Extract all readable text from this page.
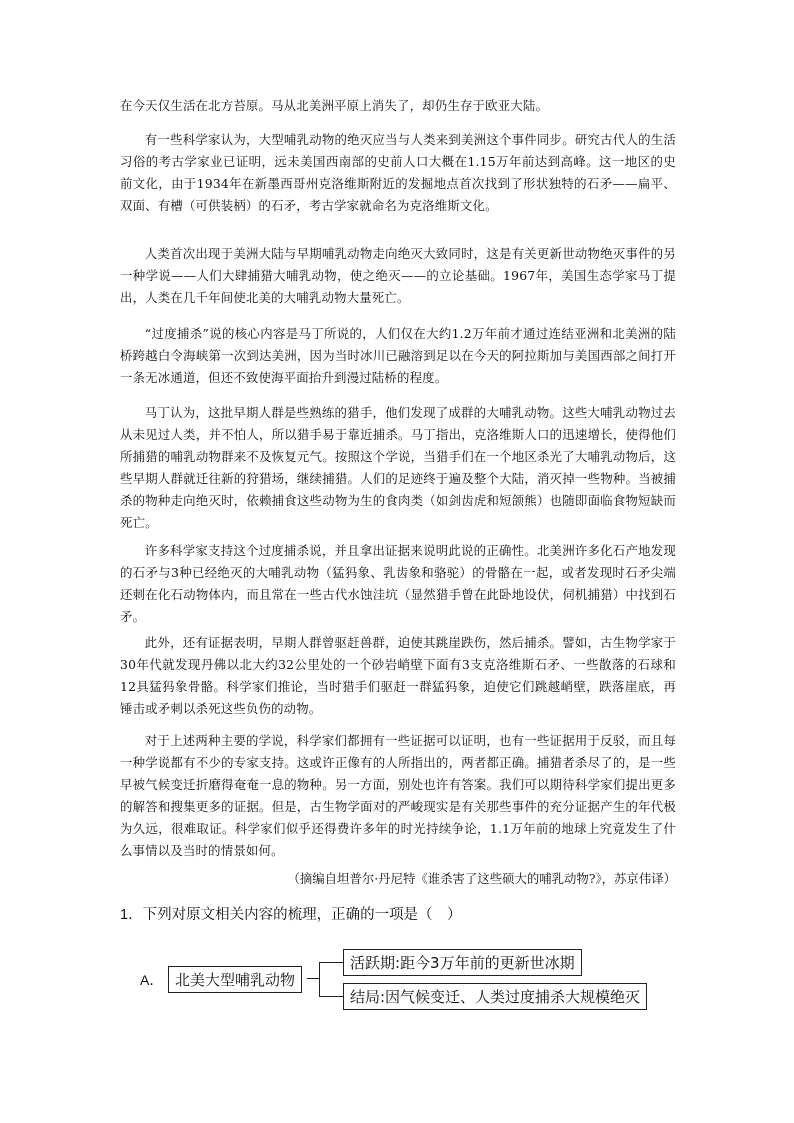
在今天仅生活在北方苔原。马从北美洲平原上消失了，却仍生存于欧亚大陆。

有一些科学家认为，大型哺乳动物的绝灭应当与人类来到美洲这个事件同步。研究古代人的生活习俗的考古学家业已证明，远未美国西南部的史前人口大概在1.15万年前达到高峰。这一地区的史前文化，由于1934年在新墨西哥州克洛维斯附近的发掘地点首次找到了形状独特的石矛——扁平、双面、有槽（可供装柄）的石矛，考古学家就命名为克洛维斯文化。

人类首次出现于美洲大陆与早期哺乳动物走向绝灭大致同时，这是有关更新世动物绝灭事件的另一种学说——人们大肆捕猎大哺乳动物，使之绝灭——的立论基础。1967年，美国生态学家马丁提出，人类在几千年间使北美的大哺乳动物大量死亡。

“过度捕杀”说的核心内容是马丁所说的，人们仅在大约1.2万年前才通过连结亚洲和北美洲的陆桥跨越白令海峡第一次到达美洲，因为当时冰川已融溶到足以在今天的阿拉斯加与美国西部之间打开一条无冰通道，但还不致使海平面抬升到漫过陆桥的程度。

马丁认为，这批早期人群是些熟练的猎手，他们发现了成群的大哺乳动物。这些大哺乳动物过去从未见过人类，并不怕人，所以猎手易于靠近捕杀。马丁指出，克洛维斯人口的迅速增长，使得他们所捕猎的哺乳动物群来不及恢复元气。按照这个学说，当猎手们在一个地区杀光了大哺乳动物后，这些早期人群就迁往新的狩猎场，继续捕猎。人们的足迹终于遍及整个大陆，消灭掉一些物种。当被捕杀的物种走向绝灭时，依赖捕食这些动物为生的食肉类（如剑齿虎和短颌熊）也随即面临食物短缺而死亡。

许多科学家支持这个过度捕杀说，并且拿出证据来说明此说的正确性。北美洲许多化石产地发现的石矛与3种已经绝灭的大哺乳动物（猛犸象、乳齿象和骆驼）的骨骼在一起，或者发现时石矛尖端还刺在化石动物体内，而且常在一些古代水蚀洼坑（显然猎手曾在此卧地设伏，伺机捕猎）中找到石矛。

此外，还有证据表明，早期人群曾驱赶兽群，迫使其跳崖跌伤，然后捕杀。譬如，古生物学家于30年代就发现丹佛以北大约32公里处的一个砂岩峭壁下面有3支克洛维斯石矛、一些散落的石球和12具猛犸象骨骼。科学家们推论，当时猎手们驱赶一群猛犸象，迫使它们跳越峭壁，跌落崖底，再锤击或矛刺以杀死这些负伤的动物。

对于上述两种主要的学说，科学家们都拥有一些证据可以证明，也有一些证据用于反驳，而且每一种学说都有不少的专家支持。这或许正像有的人所指出的，两者都正确。捕猎者杀尽了的，是一些早被气候变迁折磨得奄奄一息的物种。另一方面，别处也许有答案。我们可以期待科学家们提出更多的解答和搜集更多的证据。但是，古生物学面对的严峻现实是有关那些事件的充分证据产生的年代极为久远，很难取证。科学家们似乎还得费许多年的时光持续争论，1.1万年前的地球上究竟发生了什么事情以及当时的情景如何。

（摘编自坦普尔·丹尼特《谁杀害了这些硕大的哺乳动物?》，苏京伟译）

1．下列对原文相关内容的梳理，正确的一项是（　）
A． 北美大型哺乳动物
活跃期:距今3万年前的更新世冰期
结局:因气候变迁、人类过度捕杀大规模绝灭
